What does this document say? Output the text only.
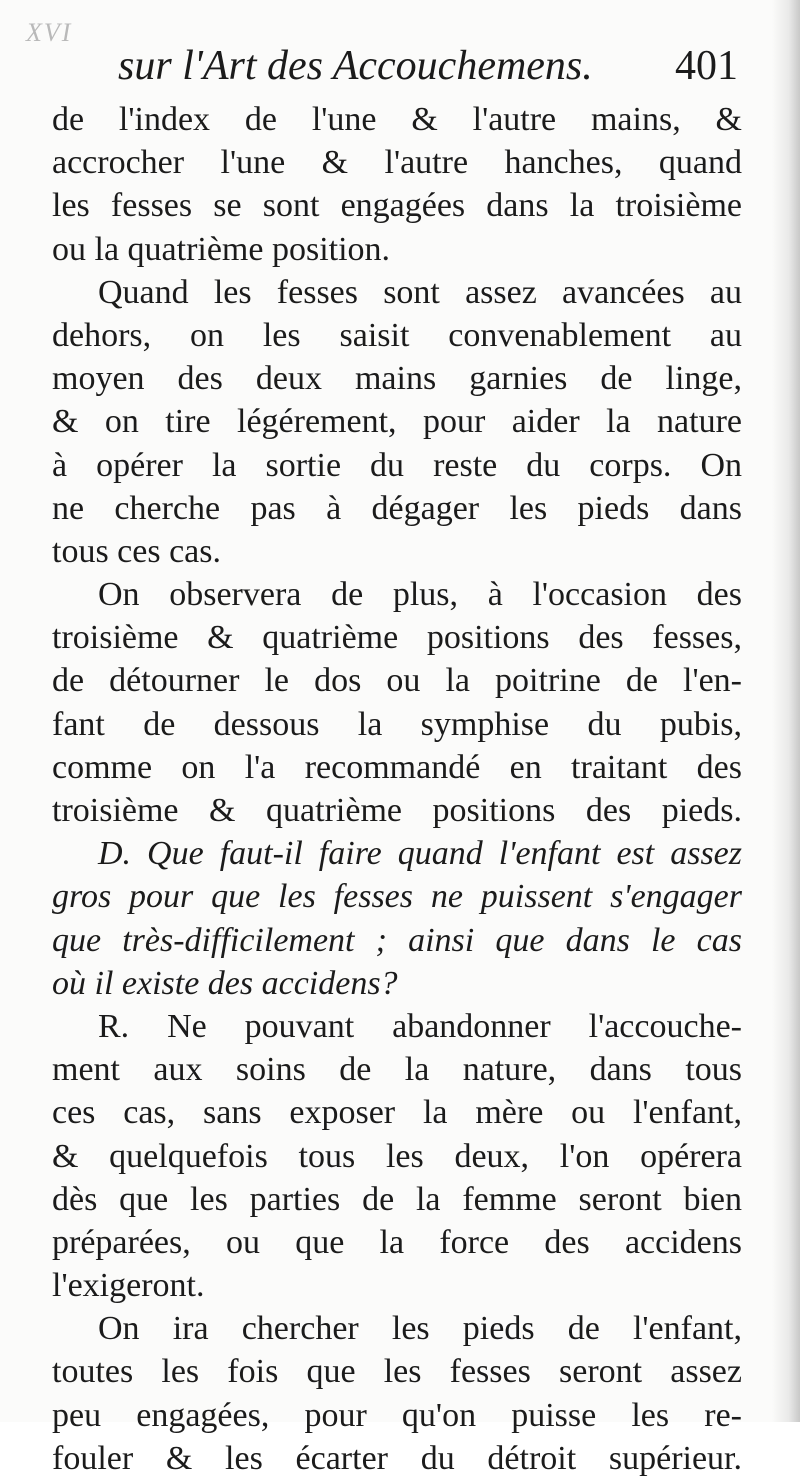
XVI
sur l'Art des Accouchemens. 401
de l'index de l'une & l'autre mains, &
accrocher l'une & l'autre hanches, quand
les fesses se sont engagées dans la troisième
ou la quatrième position.
Quand les fesses sont assez avancées au
dehors, on les saisit convenablement au
moyen des deux mains garnies de linge,
& on tire légérement, pour aider la nature
à opérer la sortie du reste du corps. On
ne cherche pas à dégager les pieds dans
tous ces cas.
On observera de plus, à l'occasion des
troisième & quatrième positions des fesses,
de détourner le dos ou la poitrine de l'en-
fant de dessous la symphise du pubis,
comme on l'a recommandé en traitant des
troisième & quatrième positions des pieds.
D. Que faut-il faire quand l'enfant est assez
gros pour que les fesses ne puissent s'engager
que très-difficilement ; ainsi que dans le cas
où il existe des accidens?
R. Ne pouvant abandonner l'accouche-
ment aux soins de la nature, dans tous
ces cas, sans exposer la mère ou l'enfant,
& quelquefois tous les deux, l'on opérera
dès que les parties de la femme seront bien
préparées, ou que la force des accidens
l'exigeront.
On ira chercher les pieds de l'enfant,
toutes les fois que les fesses seront assez
peu engagées, pour qu'on puisse les re-
fouler & les écarter du détroit supérieur.
